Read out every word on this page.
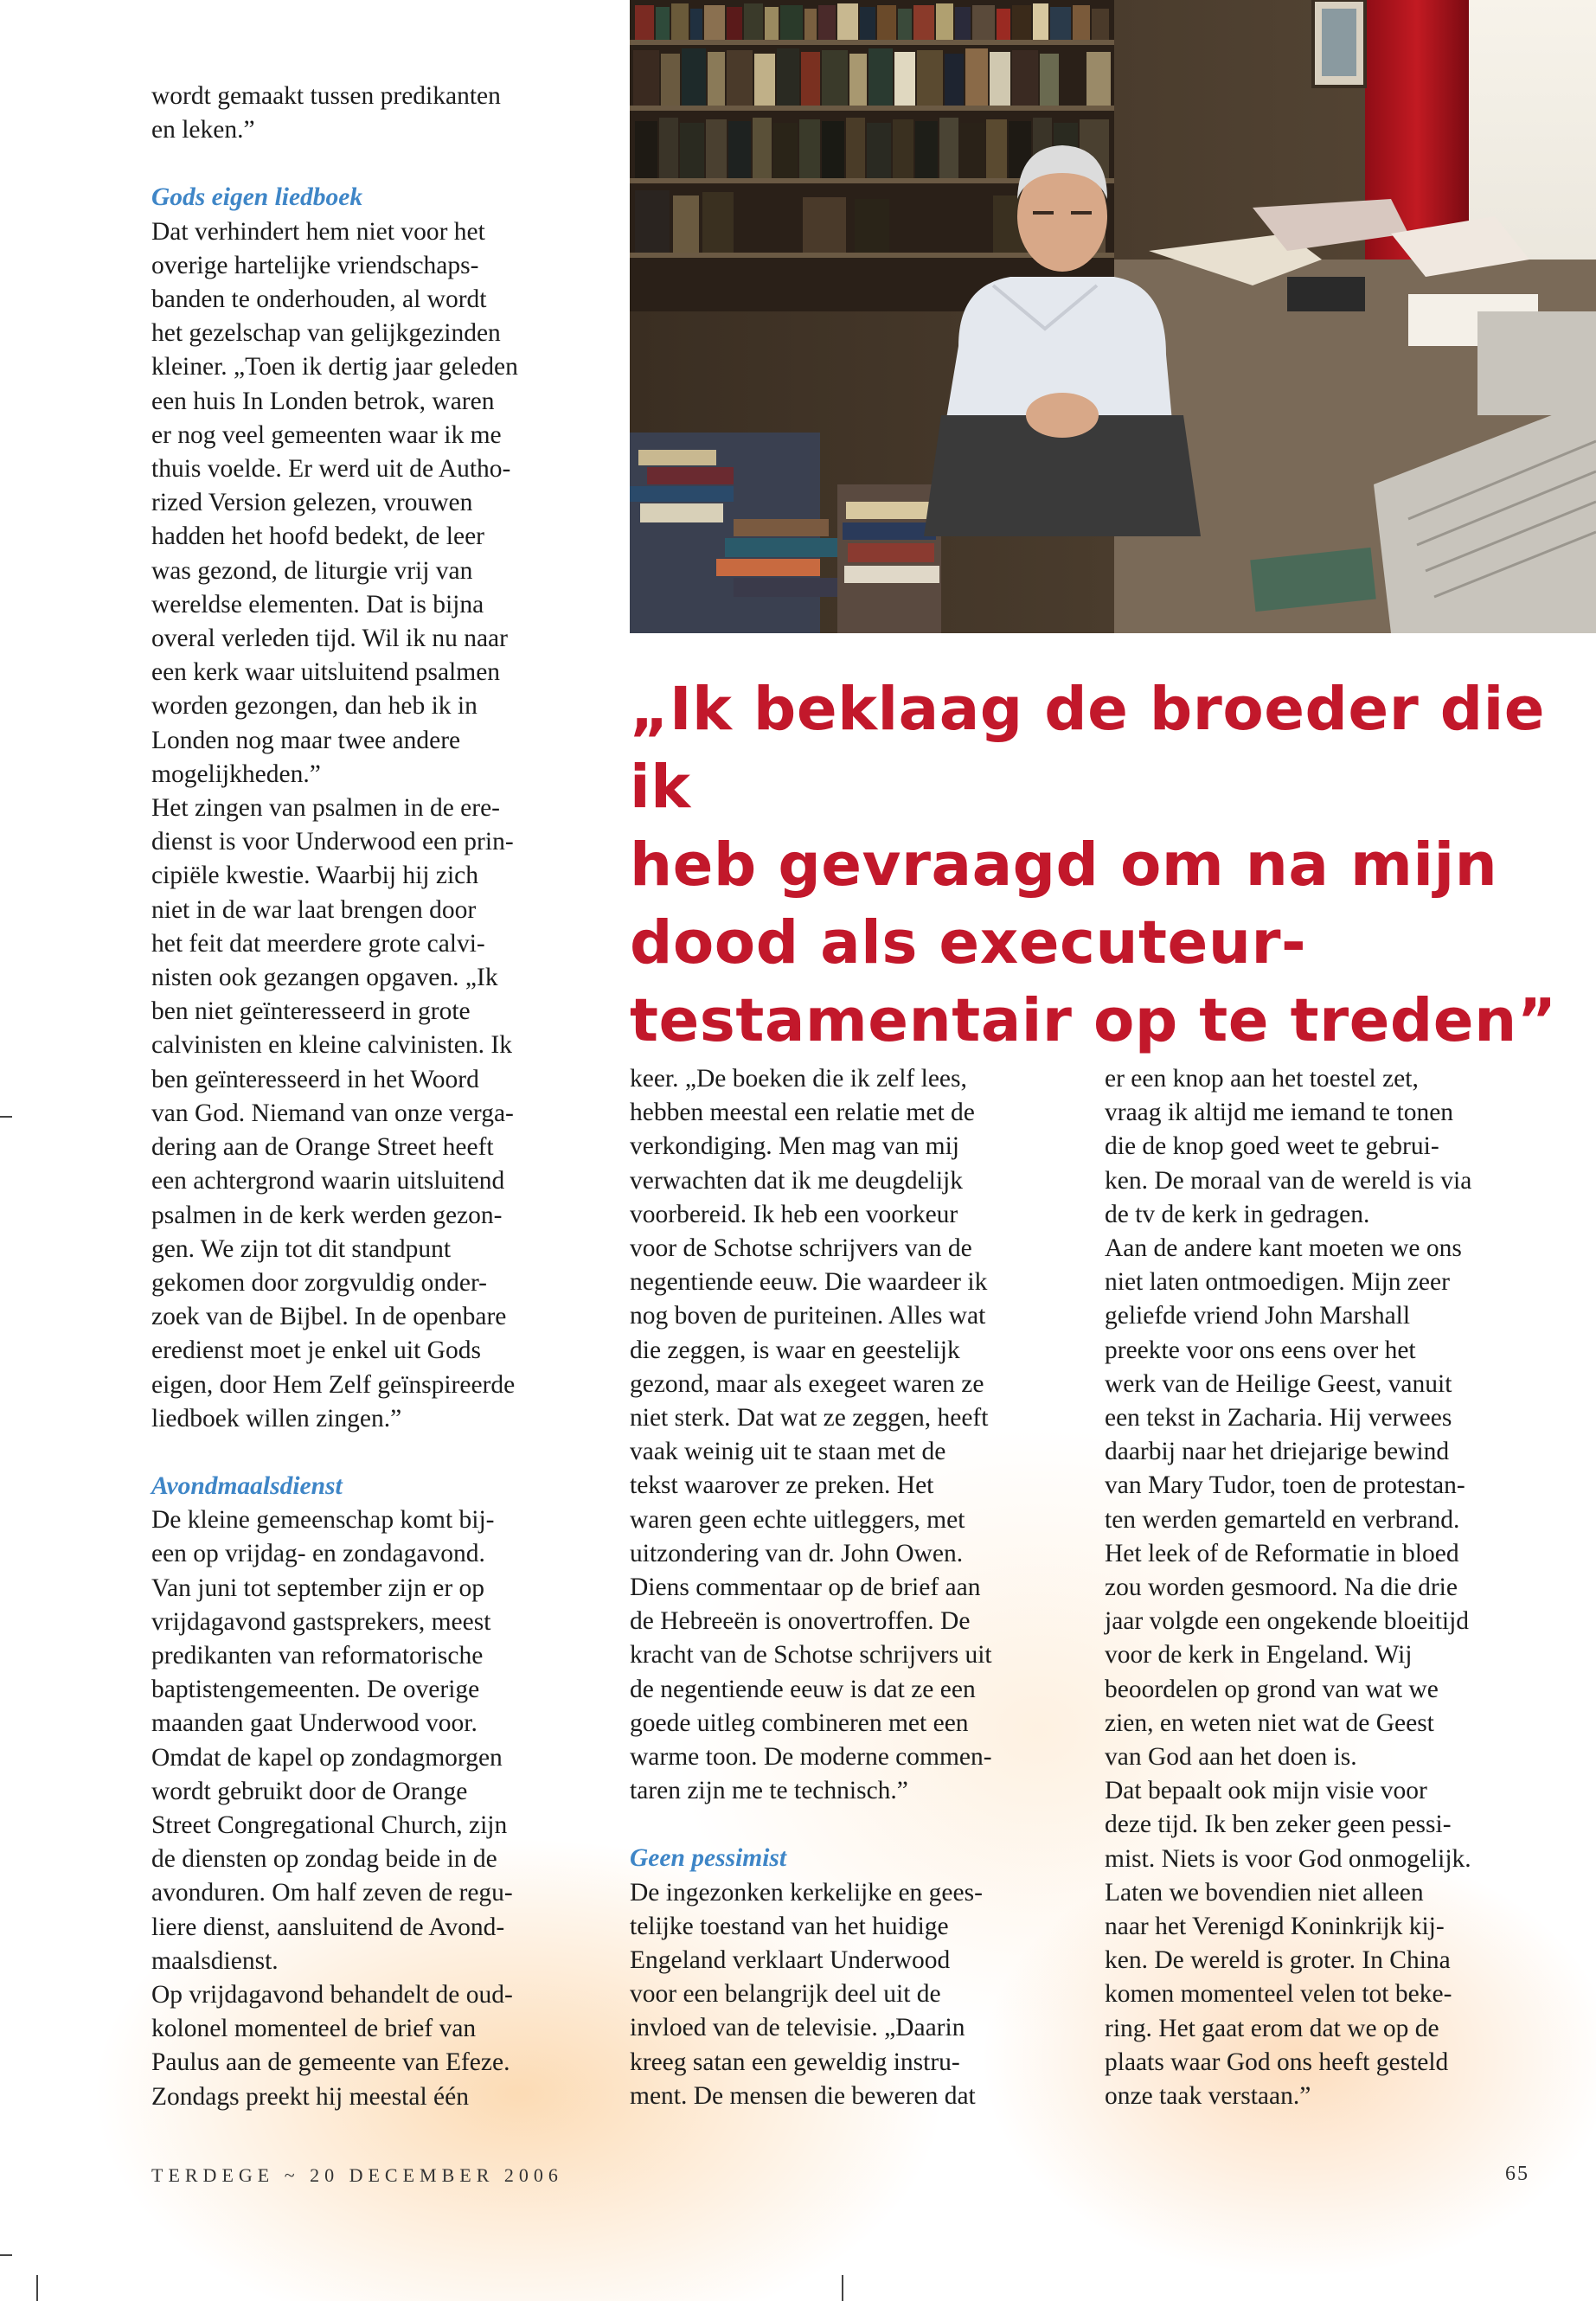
wordt gemaakt tussen predikanten
en leken.”

Gods eigen liedboek

Dat verhindert hem niet voor het
overige hartelijke vriendschaps-
banden te onderhouden, al wordt
het gezelschap van gelijkgezinden
kleiner. „Toen ik dertig jaar geleden
een huis In Londen betrok, waren
er nog veel gemeenten waar ik me
thuis voelde. Er werd uit de Autho-
rized Version gelezen, vrouwen
hadden het hoofd bedekt, de leer
was gezond, de liturgie vrij van
wereldse elementen. Dat is bijna
overal verleden tijd. Wil ik nu naar
een kerk waar uitsluitend psalmen
worden gezongen, dan heb ik in
Londen nog maar twee andere
mogelijkheden.”
Het zingen van psalmen in de ere-
dienst is voor Underwood een prin-
cipiële kwestie. Waarbij hij zich
niet in de war laat brengen door
het feit dat meerdere grote calvi-
nisten ook gezangen opgaven. „Ik
ben niet geïnteresseerd in grote
calvinisten en kleine calvinisten. Ik
ben geïnteresseerd in het Woord
van God. Niemand van onze verga-
dering aan de Orange Street heeft
een achtergrond waarin uitsluitend
psalmen in de kerk werden gezon-
gen. We zijn tot dit standpunt
gekomen door zorgvuldig onder-
zoek van de Bijbel. In de openbare
eredienst moet je enkel uit Gods
eigen, door Hem Zelf geïnspireerde
liedboek willen zingen.”

Avondmaalsdienst

De kleine gemeenschap komt bij-
een op vrijdag- en zondagavond.
Van juni tot september zijn er op
vrijdagavond gastsprekers, meest
predikanten van reformatorische
baptistengemeenten. De overige
maanden gaat Underwood voor.
Omdat de kapel op zondagmorgen
wordt gebruikt door de Orange
Street Congregational Church, zijn
de diensten op zondag beide in de
avonduren. Om half zeven de regu-
liere dienst, aansluitend de Avond-
maalsdienst.
Op vrijdagavond behandelt de oud-
kolonel momenteel de brief van
Paulus aan de gemeente van Efeze.
Zondags preekt hij meestal één
„Ik beklaag de broeder die ik
heb gevraagd om na mijn
dood als executeur-
testamentair op te treden”
keer. „De boeken die ik zelf lees,
hebben meestal een relatie met de
verkondiging. Men mag van mij
verwachten dat ik me deugdelijk
voorbereid. Ik heb een voorkeur
voor de Schotse schrijvers van de
negentiende eeuw. Die waardeer ik
nog boven de puriteinen. Alles wat
die zeggen, is waar en geestelijk
gezond, maar als exegeet waren ze
niet sterk. Dat wat ze zeggen, heeft
vaak weinig uit te staan met de
tekst waarover ze preken. Het
waren geen echte uitleggers, met
uitzondering van dr. John Owen.
Diens commentaar op de brief aan
de Hebreeën is onovertroffen. De
kracht van de Schotse schrijvers uit
de negentiende eeuw is dat ze een
goede uitleg combineren met een
warme toon. De moderne commen-
taren zijn me te technisch.”

Geen pessimist

De ingezonken kerkelijke en gees-
telijke toestand van het huidige
Engeland verklaart Underwood
voor een belangrijk deel uit de
invloed van de televisie. „Daarin
kreeg satan een geweldig instru-
ment. De mensen die beweren dat
er een knop aan het toestel zet,
vraag ik altijd me iemand te tonen
die de knop goed weet te gebrui-
ken. De moraal van de wereld is via
de tv de kerk in gedragen.
Aan de andere kant moeten we ons
niet laten ontmoedigen. Mijn zeer
geliefde vriend John Marshall
preekte voor ons eens over het
werk van de Heilige Geest, vanuit
een tekst in Zacharia. Hij verwees
daarbij naar het driejarige bewind
van Mary Tudor, toen de protestan-
ten werden gemarteld en verbrand.
Het leek of de Reformatie in bloed
zou worden gesmoord. Na die drie
jaar volgde een ongekende bloeitijd
voor de kerk in Engeland. Wij
beoordelen op grond van wat we
zien, en weten niet wat de Geest
van God aan het doen is.
Dat bepaalt ook mijn visie voor
deze tijd. Ik ben zeker geen pessi-
mist. Niets is voor God onmogelijk.
Laten we bovendien niet alleen
naar het Verenigd Koninkrijk kij-
ken. De wereld is groter. In China
komen momenteel velen tot beke-
ring. Het gaat erom dat we op de
plaats waar God ons heeft gesteld
onze taak verstaan.”
TERDEGE ~ 20 DECEMBER 2006	65
